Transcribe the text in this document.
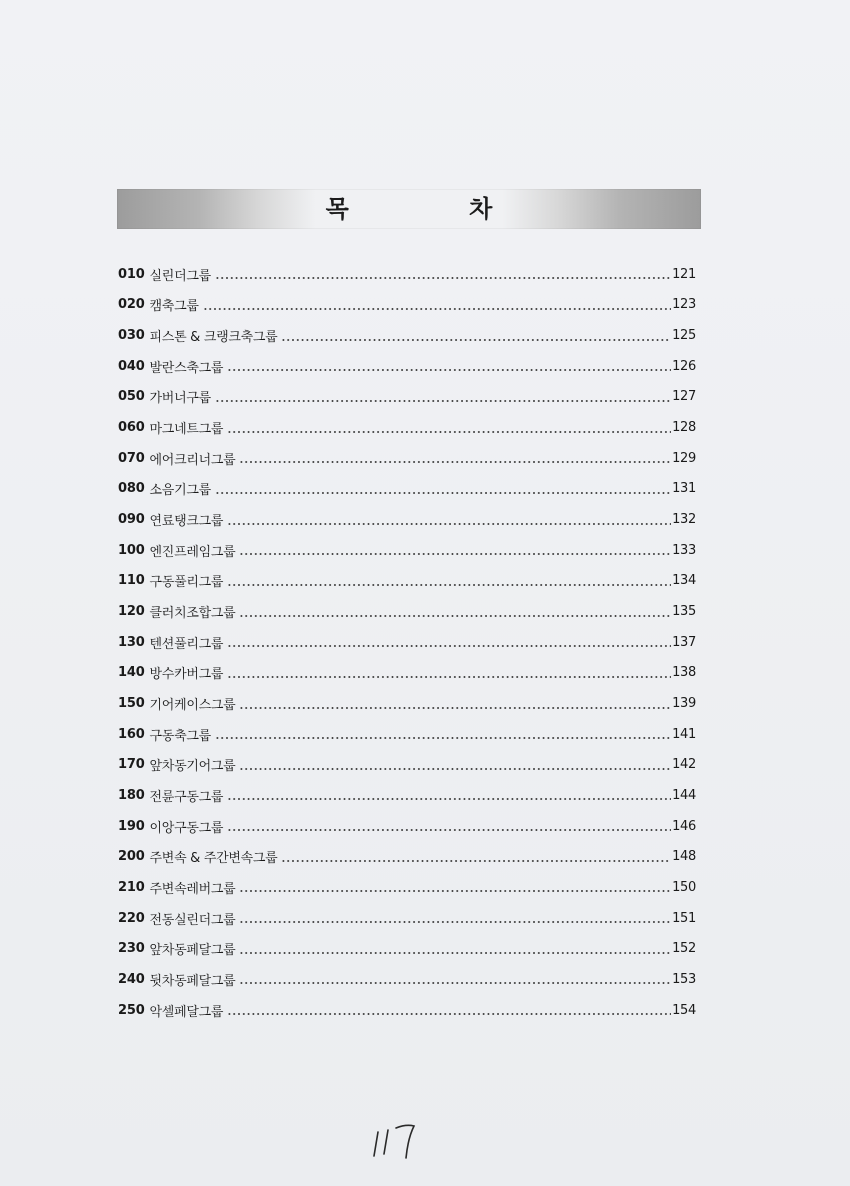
목 차
010 실린더그룹	121
020 캠축그룹	123
030 피스톤 & 크랭크축그룹	125
040 발란스축그룹	126
050 가버너구룹	127
060 마그네트그룹	128
070 에어크리너그룹	129
080 소음기그룹	131
090 연료탱크그룹	132
100 엔진프레임그룹	133
110 구동풀리그룹	134
120 클러치조합그룹	135
130 텐션풀리그룹	137
140 방수카버그룹	138
150 기어케이스그룹	139
160 구동축그룹	141
170 앞차동기어그룹	142
180 전륜구동그룹	144
190 이앙구동그룹	146
200 주변속 & 주간변속그룹	148
210 주변속레버그룹	150
220 전동실린더그룹	151
230 앞차동페달그룹	152
240 뒷차동페달그룹	153
250 악셀페달그룹	154
